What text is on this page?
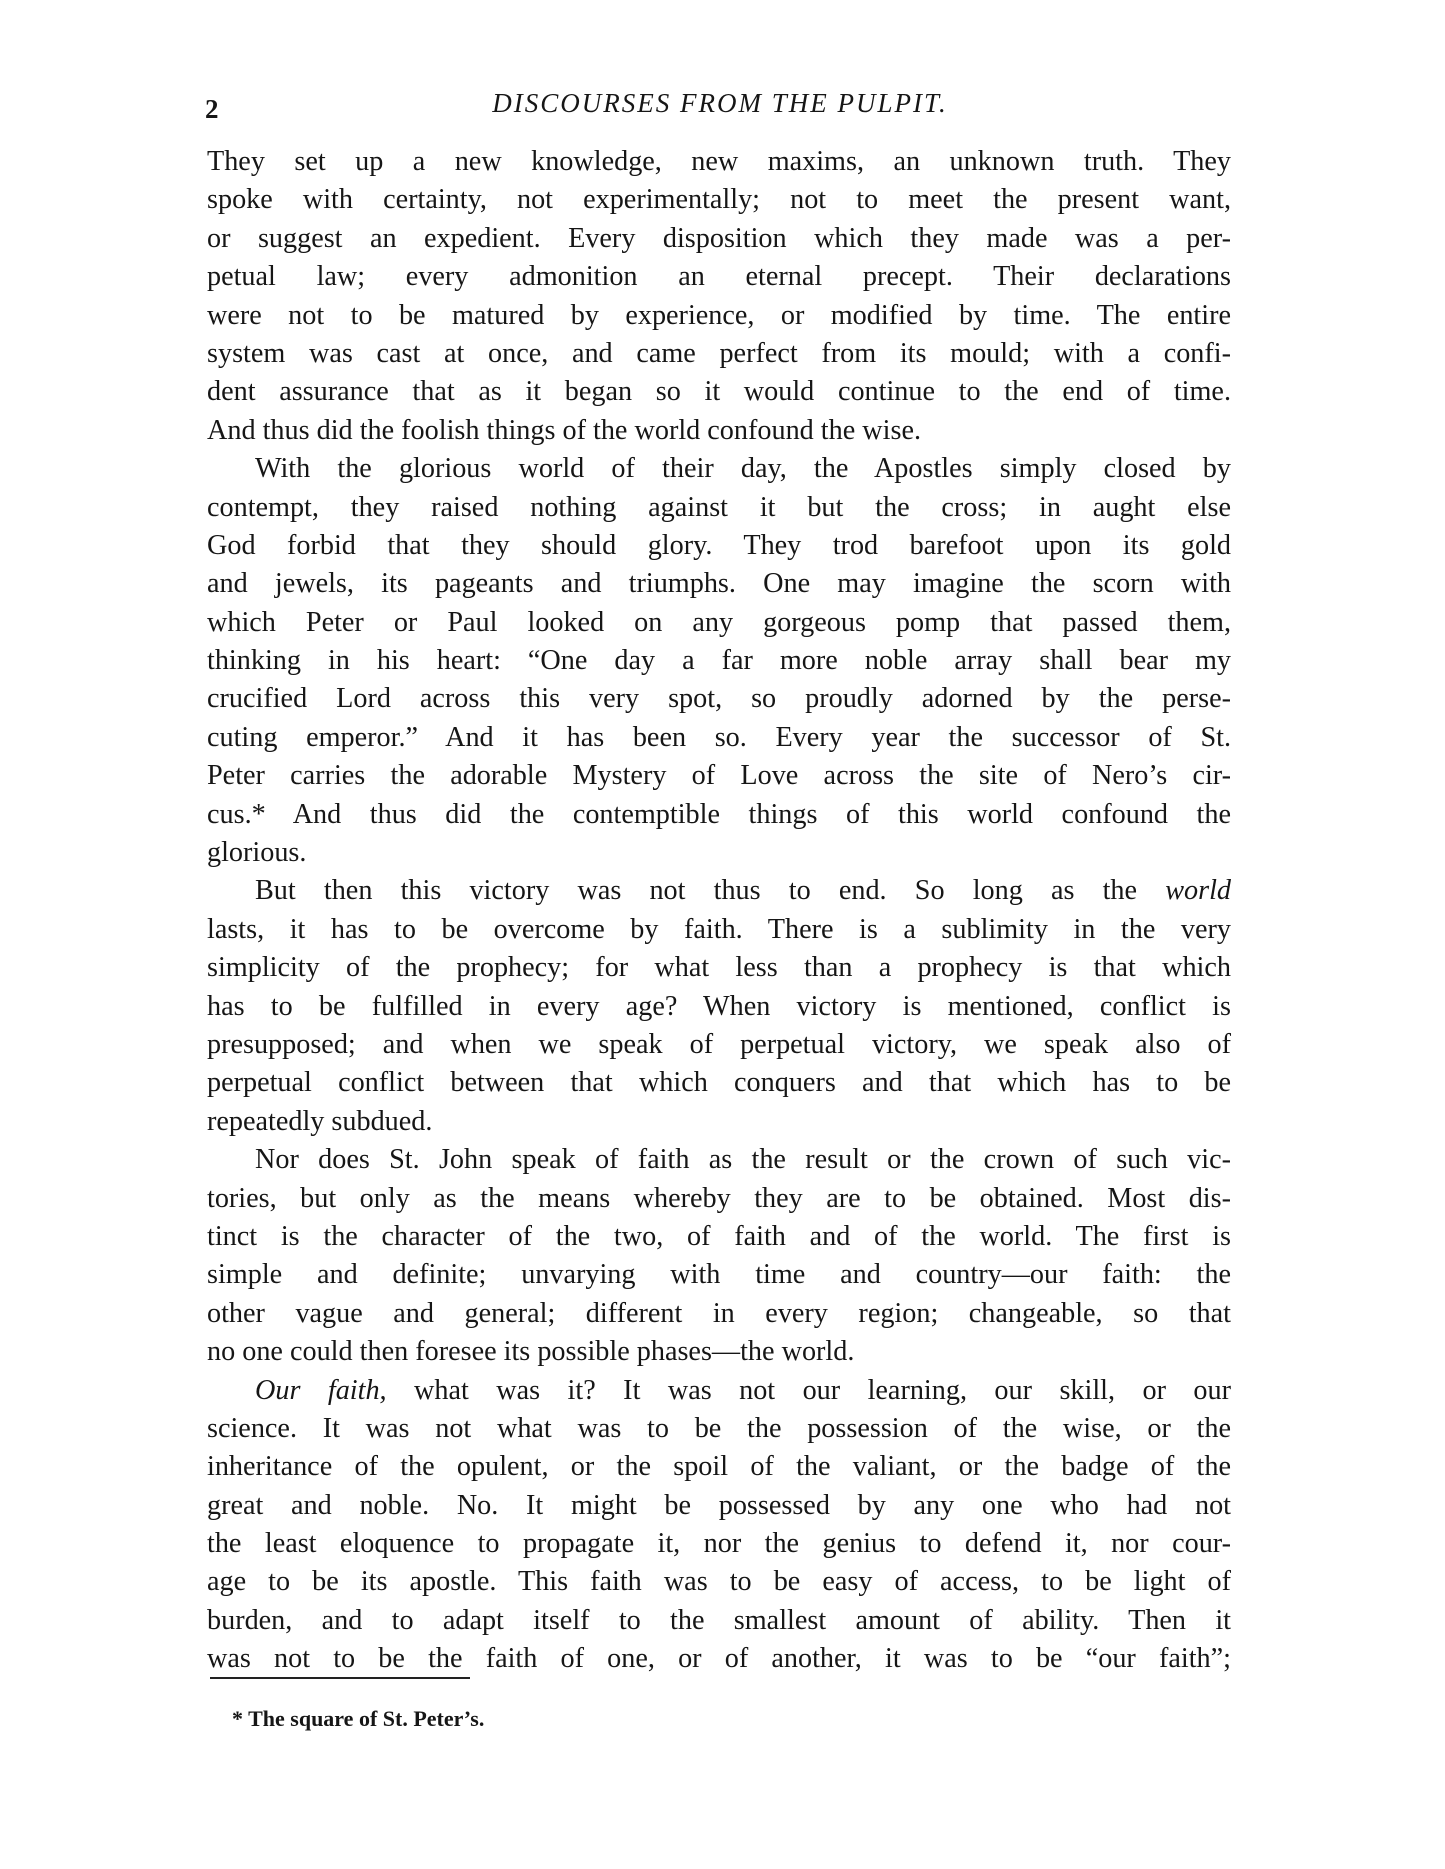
2	DISCOURSES FROM THE PULPIT.
They set up a new knowledge, new maxims, an unknown truth. They
spoke with certainty, not experimentally; not to meet the present want,
or suggest an expedient. Every disposition which they made was a per-
petual law; every admonition an eternal precept. Their declarations
were not to be matured by experience, or modified by time. The entire
system was cast at once, and came perfect from its mould; with a confi-
dent assurance that as it began so it would continue to the end of time.
And thus did the foolish things of the world confound the wise.
With the glorious world of their day, the Apostles simply closed by
contempt, they raised nothing against it but the cross; in aught else
God forbid that they should glory. They trod barefoot upon its gold
and jewels, its pageants and triumphs. One may imagine the scorn with
which Peter or Paul looked on any gorgeous pomp that passed them,
thinking in his heart: “One day a far more noble array shall bear my
crucified Lord across this very spot, so proudly adorned by the perse-
cuting emperor.” And it has been so. Every year the successor of St.
Peter carries the adorable Mystery of Love across the site of Nero’s cir-
cus.* And thus did the contemptible things of this world confound the
glorious.
But then this victory was not thus to end. So long as the world
lasts, it has to be overcome by faith. There is a sublimity in the very
simplicity of the prophecy; for what less than a prophecy is that which
has to be fulfilled in every age? When victory is mentioned, conflict is
presupposed; and when we speak of perpetual victory, we speak also of
perpetual conflict between that which conquers and that which has to be
repeatedly subdued.
Nor does St. John speak of faith as the result or the crown of such vic-
tories, but only as the means whereby they are to be obtained. Most dis-
tinct is the character of the two, of faith and of the world. The first is
simple and definite; unvarying with time and country—our faith: the
other vague and general; different in every region; changeable, so that
no one could then foresee its possible phases—the world.
Our faith, what was it? It was not our learning, our skill, or our
science. It was not what was to be the possession of the wise, or the
inheritance of the opulent, or the spoil of the valiant, or the badge of the
great and noble. No. It might be possessed by any one who had not
the least eloquence to propagate it, nor the genius to defend it, nor cour-
age to be its apostle. This faith was to be easy of access, to be light of
burden, and to adapt itself to the smallest amount of ability. Then it
was not to be the faith of one, or of another, it was to be “our faith”;
* The square of St. Peter’s.
